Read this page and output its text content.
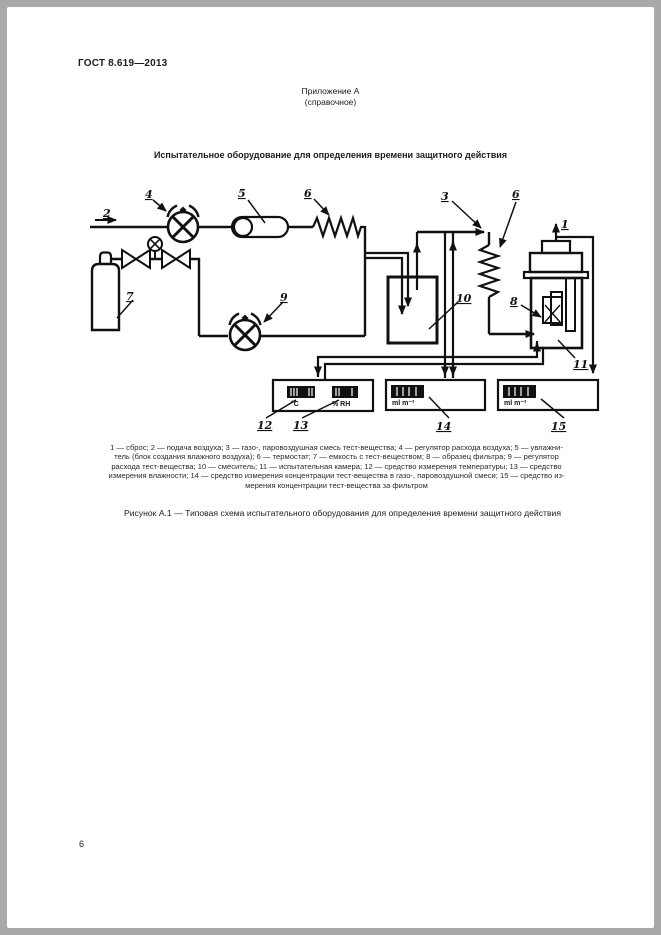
ГОСТ 8.619—2013
Приложение А
(справочное)
Испытательное оборудование для определения времени защитного действия
°C	% RH	ml m⁻³	ml m⁻³
1
2
3
4	5	6	6
7	8
9	10
11
12 13	14	15
1 — сброс; 2 — подача воздуха; 3 — газо-, паровоздушная смесь тест-вещества; 4 — регулятор расхода воздуха; 5 — увлажни-
тель (блок создания влажного воздуха); 6 — термостат; 7 — емкость с тест-веществом; 8 — образец фильтра; 9 — регулятор
расхода тест-вещества; 10 — смеситель; 11 — испытательная камера; 12 — средство измерения температуры; 13 — средство
измерения влажности; 14 — средство измерения концентрации тест-вещества в газо-, паровоздушной смеси; 15 — средство из-
мерения концентрации тест-вещества за фильтром
Рисунок А.1 — Типовая схема испытательного оборудования для определения времени защитного действия
6
